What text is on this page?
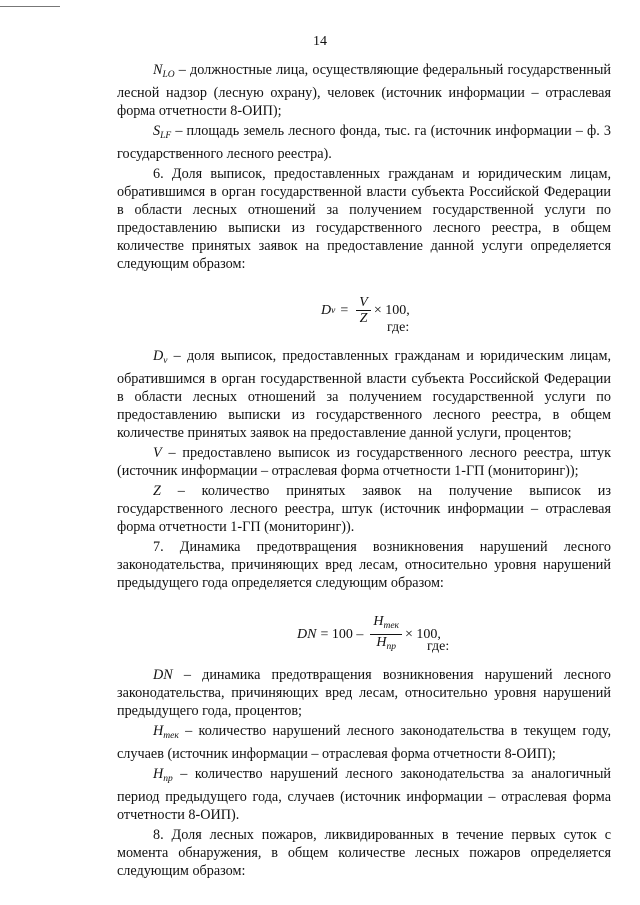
14

$N_{LO}$ – должностные лица, осуществляющие федеральный государственный лесной надзор (лесную охрану), человек (источник информации – отраслевая форма отчетности 8-ОИП);

$S_{LF}$ – площадь земель лесного фонда, тыс. га (источник информации – ф. 3 государственного лесного реестра).

6. Доля выписок, предоставленных гражданам и юридическим лицам, обратившимся в орган государственной власти субъекта Российской Федерации в области лесных отношений за получением государственной услуги по предоставлению выписки из государственного лесного реестра, в общем количестве принятых заявок на предоставление данной услуги определяется следующим образом:

D $v = \frac{V}{Z} \times 100$,
где:

$D_v$ – доля выписок, предоставленных гражданам и юридическим лицам, обратившимся в орган государственной власти субъекта Российской Федерации в области лесных отношений за получением государственной услуги по предоставлению выписки из государственного лесного реестра, в общем количестве принятых заявок на предоставление данной услуги, процентов;

V – предоставлено выписок из государственного лесного реестра, штук (источник информации – отраслевая форма отчетности 1-ГП (мониторинг));

Z – количество принятых заявок на получение выписок из государственного лесного реестра, штук (источник информации – отраслевая форма отчетности 1-ГП (мониторинг)).

7. Динамика предотвращения возникновения нарушений лесного законодательства, причиняющих вред лесам, относительно уровня нарушений предыдущего года определяется следующим образом:

DN = $100 - \frac{H_{тек}}{H_{пр}} \times 100$,
где:

DN – динамика предотвращения возникновения нарушений лесного законодательства, причиняющих вред лесам, относительно уровня нарушений предыдущего года, процентов;

$H_{тек}$ – количество нарушений лесного законодательства в текущем году, случаев (источник информации – отраслевая форма отчетности 8-ОИП);

$H_{пр}$ – количество нарушений лесного законодательства за аналогичный период предыдущего года, случаев (источник информации – отраслевая форма отчетности 8-ОИП).

8. Доля лесных пожаров, ликвидированных в течение первых суток с момента обнаружения, в общем количестве лесных пожаров определяется следующим образом:
